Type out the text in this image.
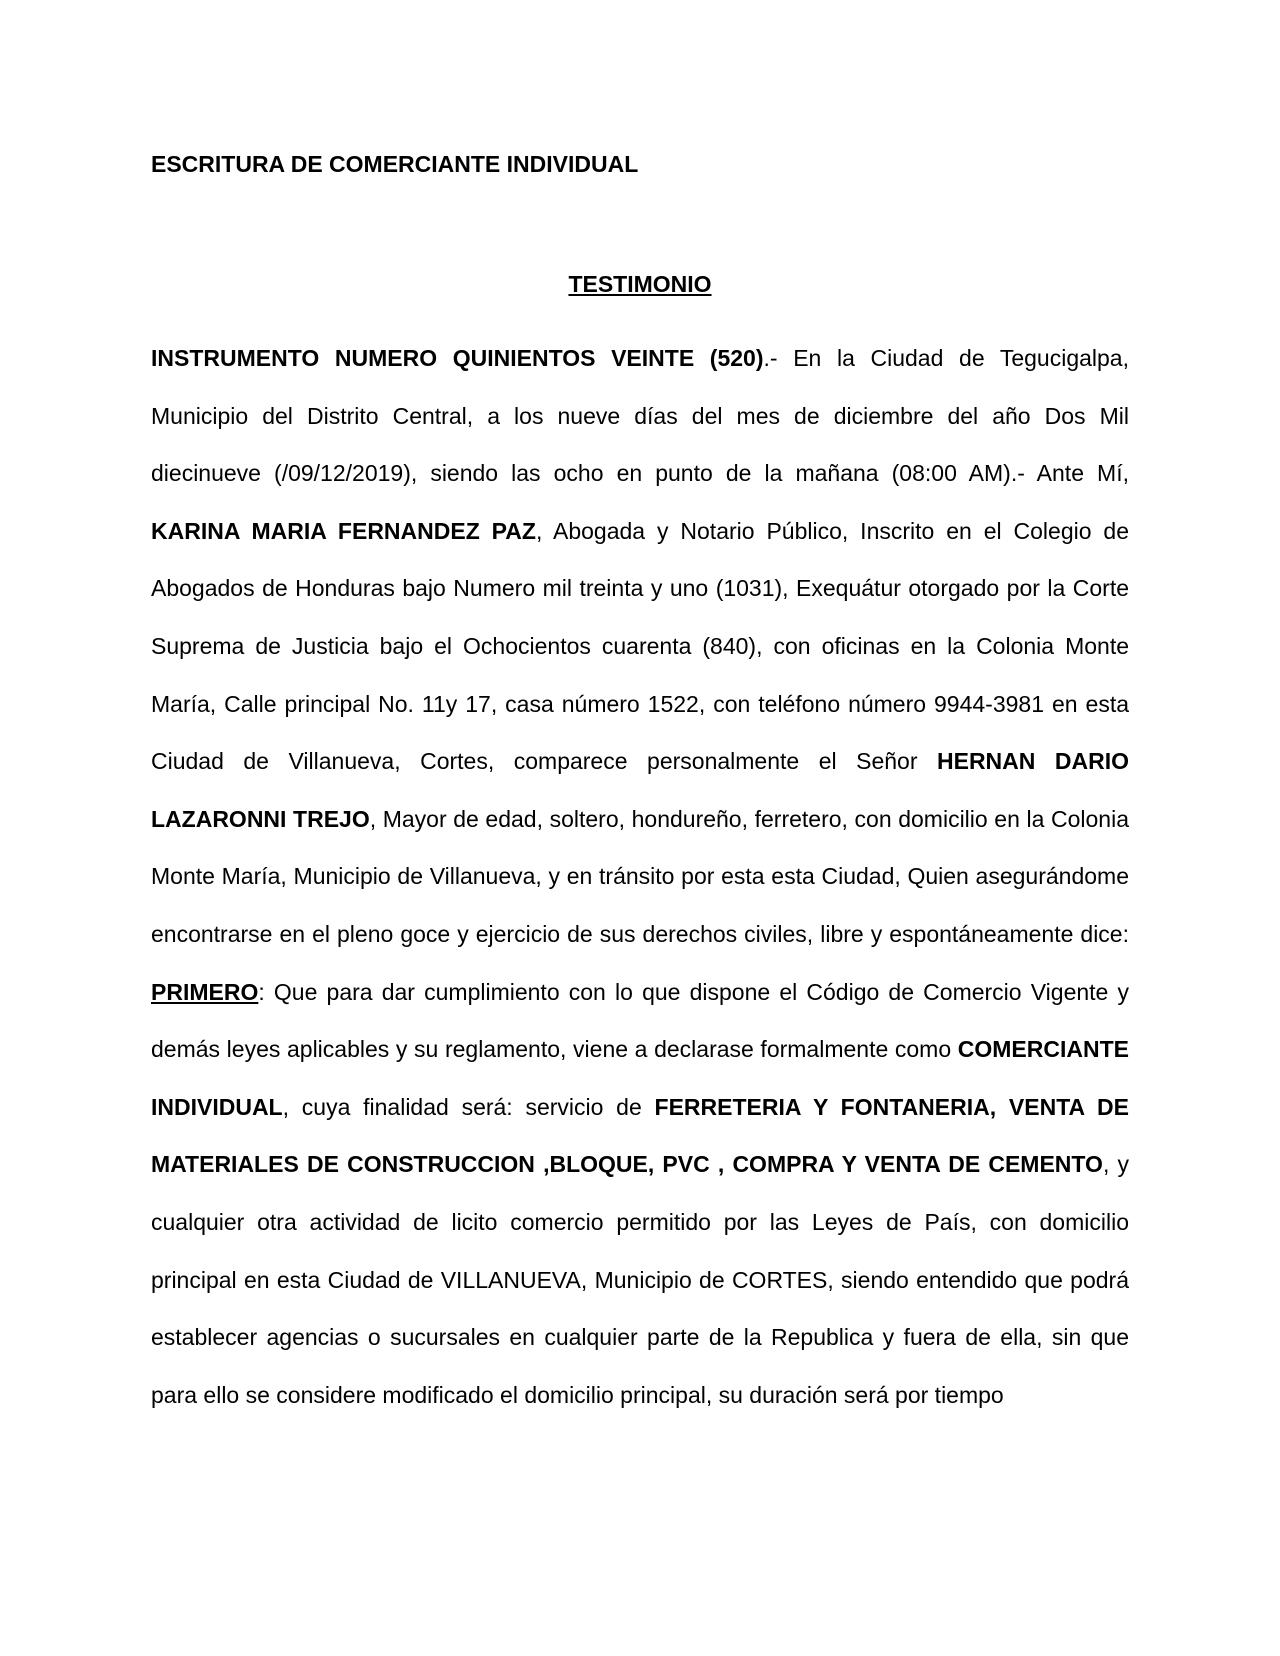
ESCRITURA DE COMERCIANTE INDIVIDUAL
TESTIMONIO

INSTRUMENTO NUMERO QUINIENTOS VEINTE (520).- En la Ciudad de Tegucigalpa, Municipio del Distrito Central, a los nueve días del mes de diciembre del año Dos Mil diecinueve (/09/12/2019), siendo las ocho en punto de la mañana (08:00 AM).- Ante Mí, KARINA MARIA FERNANDEZ PAZ, Abogada y Notario Público, Inscrito en el Colegio de Abogados de Honduras bajo Numero mil treinta y uno (1031), Exequátur otorgado por la Corte Suprema de Justicia bajo el Ochocientos cuarenta (840), con oficinas en la Colonia Monte María, Calle principal No. 11y 17, casa número 1522, con teléfono número 9944-3981 en esta Ciudad de Villanueva, Cortes, comparece personalmente el Señor HERNAN DARIO LAZARONNI TREJO, Mayor de edad, soltero, hondureño, ferretero, con domicilio en la Colonia Monte María, Municipio de Villanueva, y en tránsito por esta esta Ciudad, Quien asegurándome encontrarse en el pleno goce y ejercicio de sus derechos civiles, libre y espontáneamente dice: PRIMERO: Que para dar cumplimiento con lo que dispone el Código de Comercio Vigente y demás leyes aplicables y su reglamento, viene a declarase formalmente como COMERCIANTE INDIVIDUAL, cuya finalidad será: servicio de FERRETERIA Y FONTANERIA, VENTA DE MATERIALES DE CONSTRUCCION ,BLOQUE, PVC , COMPRA Y VENTA DE CEMENTO, y cualquier otra actividad de licito comercio permitido por las Leyes de País, con domicilio principal en esta Ciudad de VILLANUEVA, Municipio de CORTES, siendo entendido que podrá establecer agencias o sucursales en cualquier parte de la Republica y fuera de ella, sin que para ello se considere modificado el domicilio principal, su duración será por tiempo
